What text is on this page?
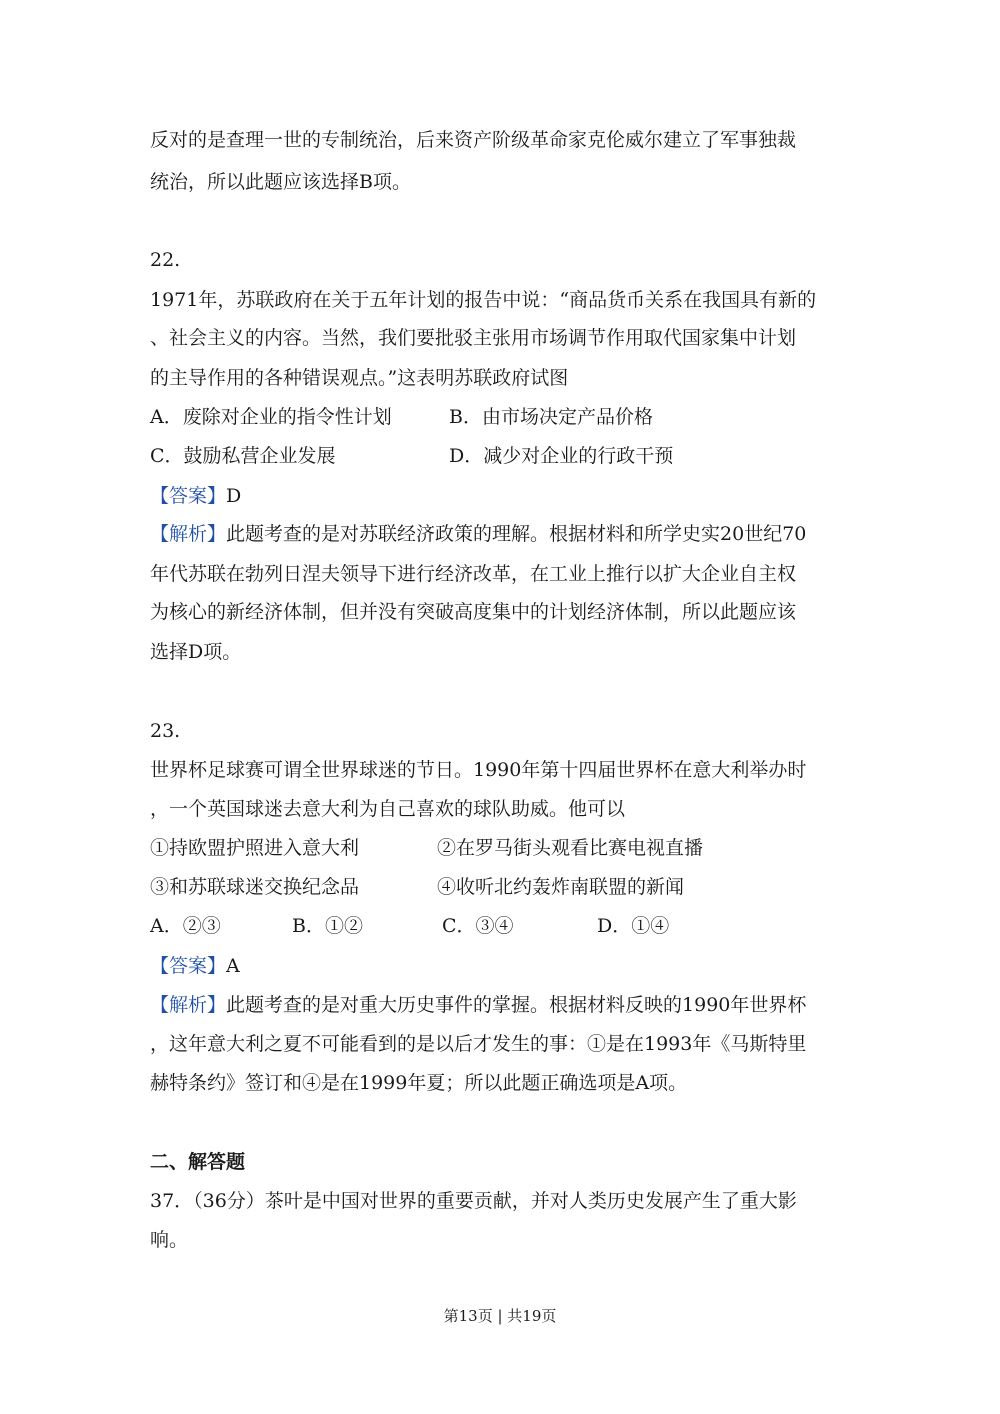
反对的是查理一世的专制统治，后来资产阶级革命家克伦威尔建立了军事独裁
统治，所以此题应该选择B项。
22.
1971年，苏联政府在关于五年计划的报告中说：“商品货币关系在我国具有新的
、社会主义的内容。当然，我们要批驳主张用市场调节作用取代国家集中计划
的主导作用的各种错误观点。”这表明苏联政府试图
A．废除对企业的指令性计划	B．由市场决定产品价格
C．鼓励私营企业发展	D．减少对企业的行政干预
【答案】D
【解析】此题考查的是对苏联经济政策的理解。根据材料和所学史实20世纪70
年代苏联在勃列日涅夫领导下进行经济改革，在工业上推行以扩大企业自主权
为核心的新经济体制，但并没有突破高度集中的计划经济体制，所以此题应该
选择D项。
23.
世界杯足球赛可谓全世界球迷的节日。1990年第十四届世界杯在意大利举办时
，一个英国球迷去意大利为自己喜欢的球队助威。他可以
①持欧盟护照进入意大利	②在罗马街头观看比赛电视直播
③和苏联球迷交换纪念品	④收听北约轰炸南联盟的新闻
A．②③	B．①②	C．③④	D．①④
【答案】A
【解析】此题考查的是对重大历史事件的掌握。根据材料反映的1990年世界杯
，这年意大利之夏不可能看到的是以后才发生的事：①是在1993年《马斯特里
赫特条约》签订和④是在1999年夏；所以此题正确选项是A项。
二、解答题
37．（36分）茶叶是中国对世界的重要贡献，并对人类历史发展产生了重大影
响。
第13页 | 共19页
